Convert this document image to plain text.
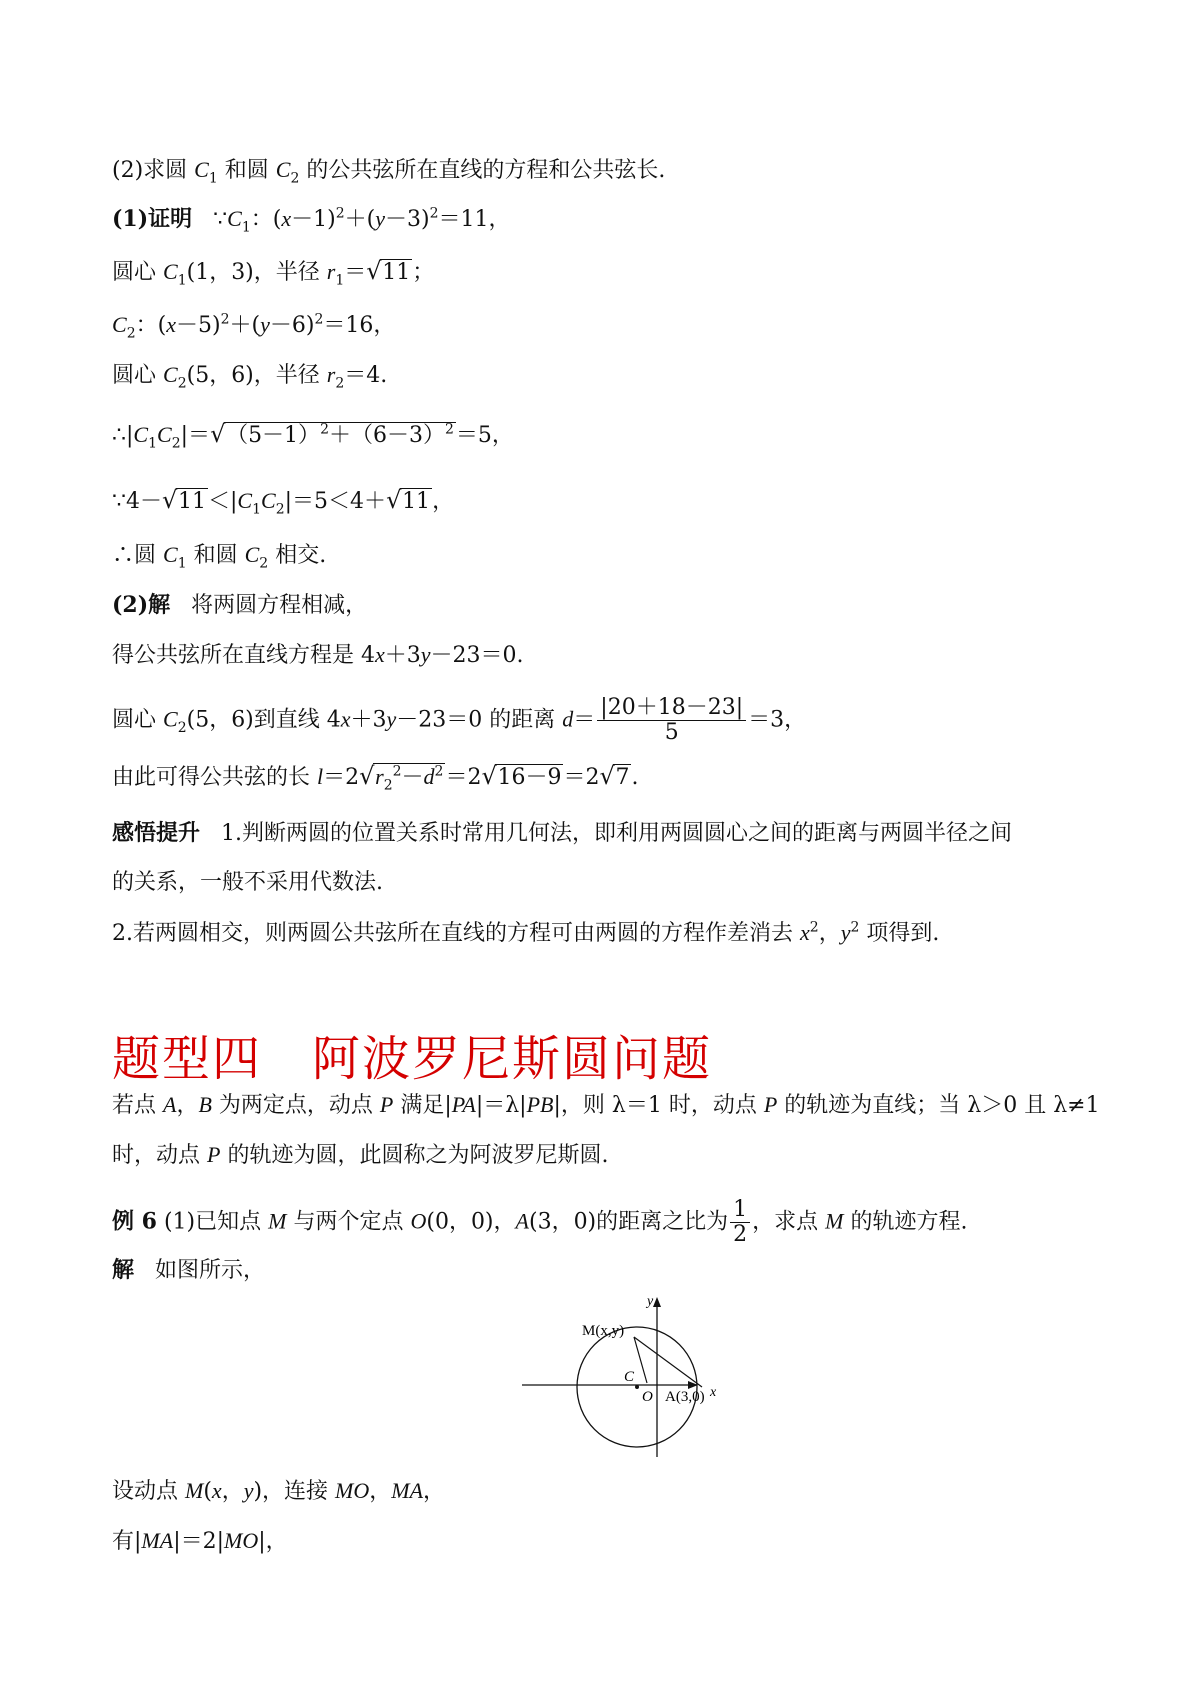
(2)求圆 $C_1$ 和圆 $C_2$ 的公共弦所在直线的方程和公共弦长.
(1)证明 $\because C_1$：$(x-1)^2+(y-3)^2=11$，
圆心 $C_1(1$，3)，半径 $r_1=√$ 11；
$C_2$：$(x-5)^2+(y-6)^2=16$，
圆心 $C_2(5$，6)，半径 $r_2=4$.
$\therefore|C_1C_2|=√$ $(5-1)^2+(6-3)^2=5$，
∵4－√ $11<|C_1C_2|=5<4+√$ 11，
∴圆 $C_1$ 和圆 $C_2$ 相交.
(2)解 将两圆方程相减，
得公共弦所在直线方程是 4x＋3y－23＝0.
圆心 $C_2(5$，6)到直线 4x＋3y－23＝0 的距离 $d= \frac{|20+18-23|}{5} =3$，
由此可得公共弦的长 l＝2√ $r_2^2-d^2=2√$ 16－9＝2√ 7.
感悟提升 1.判断两圆的位置关系时常用几何法，即利用两圆圆心之间的距离与两圆半径之间
的关系，一般不采用代数法.
2.若两圆相交，则两圆公共弦所在直线的方程可由两圆的方程作差消去 $x^2$，$y^2$ 项得到.
题型四　阿波罗尼斯圆问题
若点 A，B 为两定点，动点 P 满足|PA|＝λ|PB|，则 λ＝1 时，动点 P 的轨迹为直线；当 λ＞0 且 λ≠1
时，动点 P 的轨迹为圆，此圆称之为阿波罗尼斯圆.
例 6 (1)已知点 M 与两个定点 O(0，0)，A(3，0)的距离之比为 $\frac{1}{2}$ ，求点 M 的轨迹方程.
解 如图所示，
y
x
M(x,y)
C
O A(3,0)
设动点 M(x，y)，连接 MO，MA，
有|MA|＝2|MO|，
